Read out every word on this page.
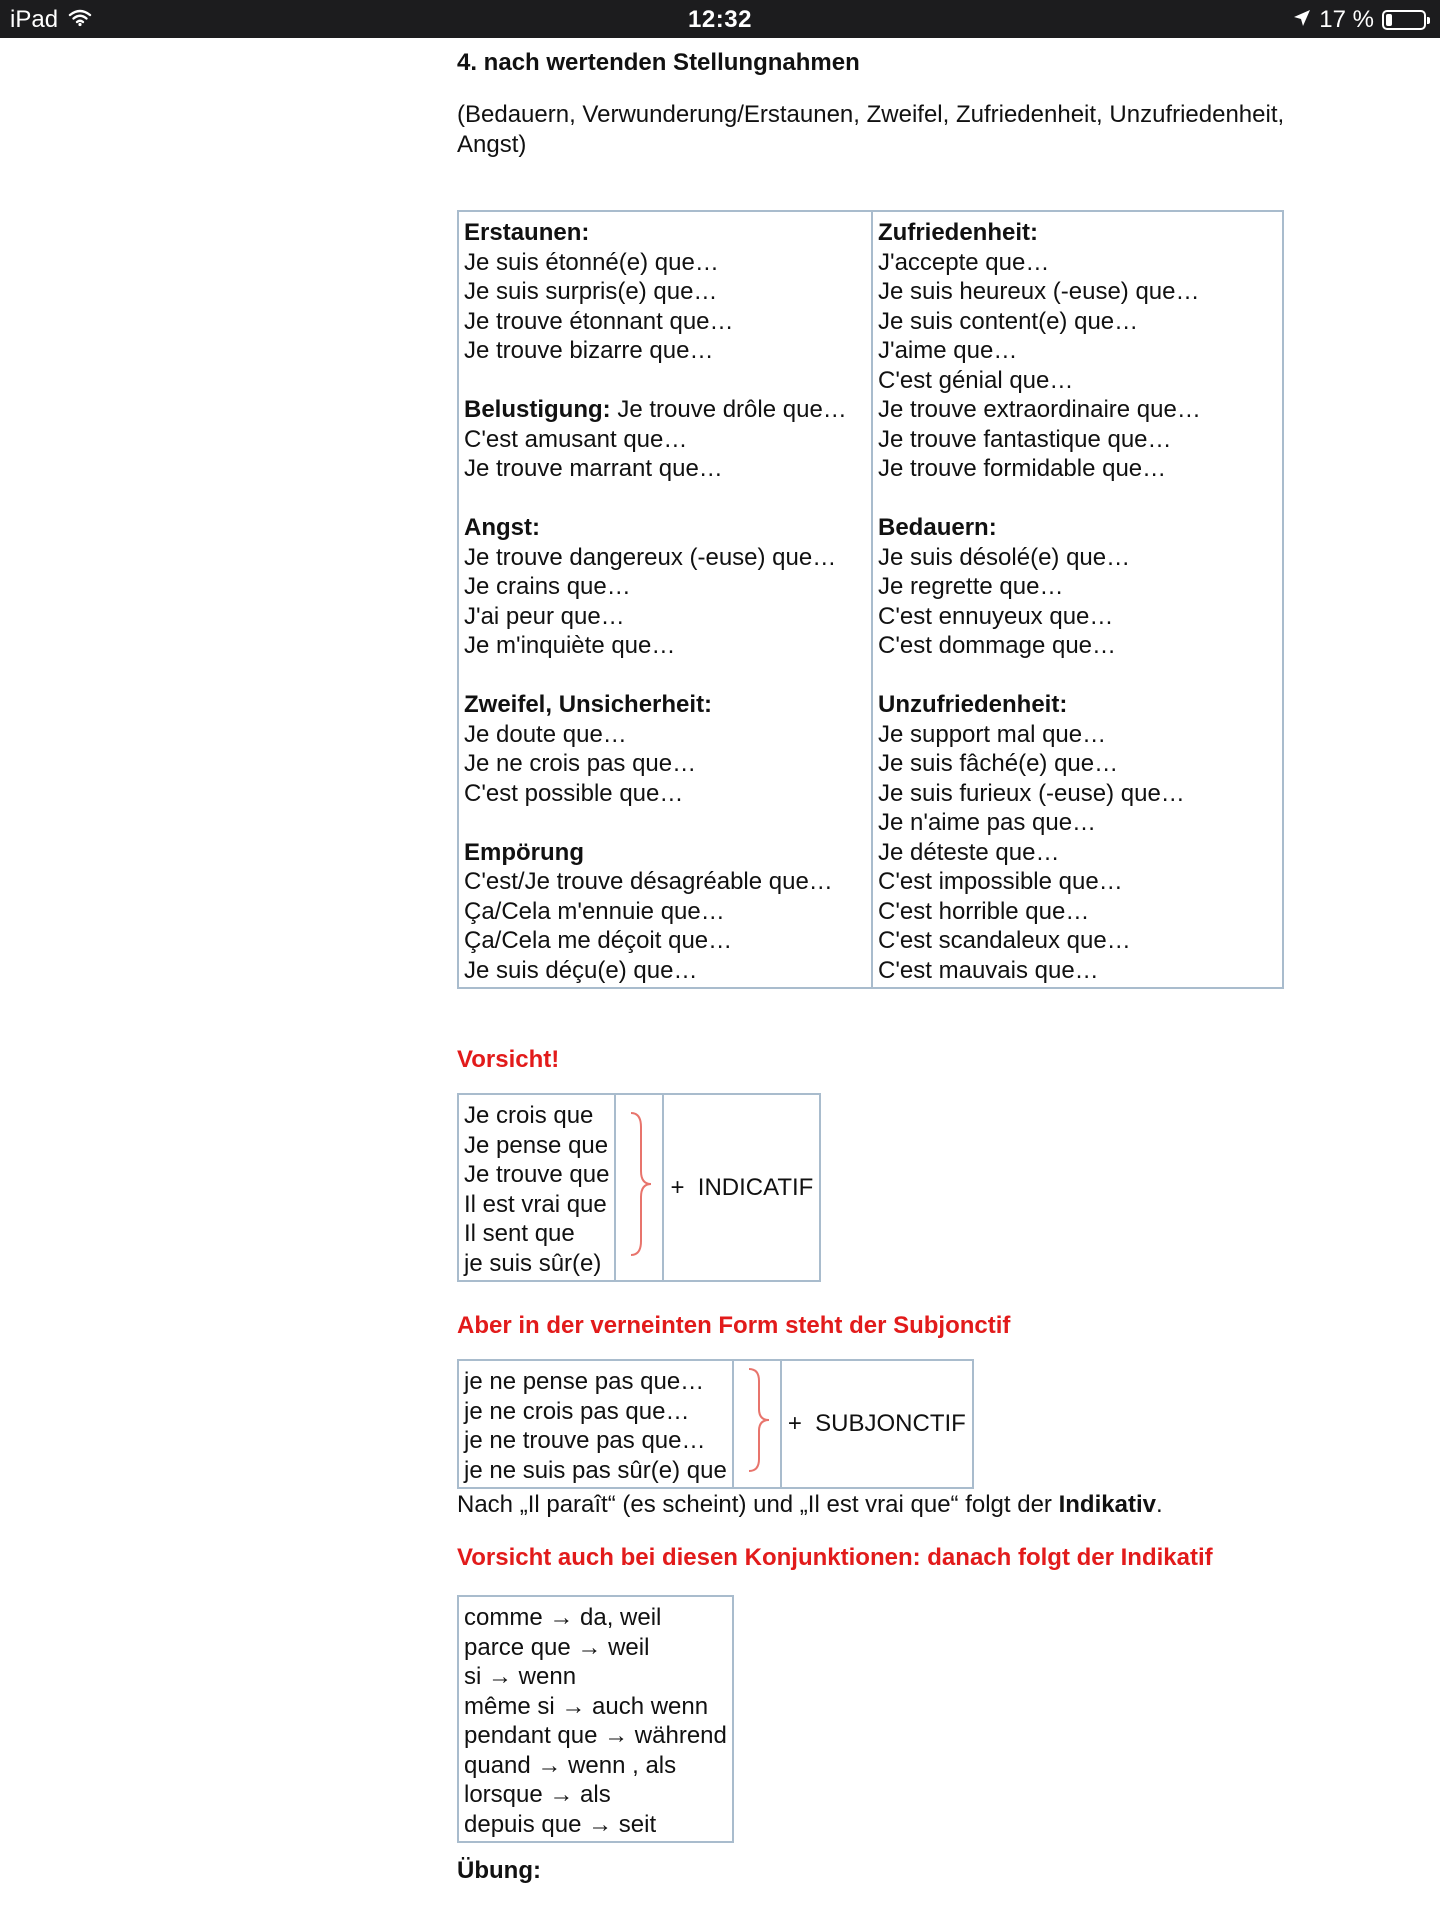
iPad	12:32	17 %
4. nach wertenden Stellungnahmen
(Bedauern, Verwunderung/Erstaunen, Zweifel, Zufriedenheit, Unzufriedenheit, Angst)
Erstaunen:
Je suis étonné(e) que…
Je suis surpris(e) que…
Je trouve étonnant que…
Je trouve bizarre que…
Belustigung: Je trouve drôle que…
C'est amusant que…
Je trouve marrant que…
Angst:
Je trouve dangereux (-euse) que…
Je crains que…
J'ai peur que…
Je m'inquiète que…
Zweifel, Unsicherheit:
Je doute que…
Je ne crois pas que…
C'est possible que…
Empörung
C'est/Je trouve désagréable que…
Ça/Cela m'ennuie que…
Ça/Cela me déçoit que…
Je suis déçu(e) que…

Zufriedenheit:
J'accepte que…
Je suis heureux (-euse) que…
Je suis content(e) que…
J'aime que…
C'est génial que…
Je trouve extraordinaire que…
Je trouve fantastique que…
Je trouve formidable que…
Bedauern:
Je suis désolé(e) que…
Je regrette que…
C'est ennuyeux que…
C'est dommage que…
Unzufriedenheit:
Je support mal que…
Je suis fâché(e) que…
Je suis furieux (-euse) que…
Je n'aime pas que…
Je déteste que…
C'est impossible que…
C'est horrible que…
C'est scandaleux que…
C'est mauvais que…
Vorsicht!
Je crois que
Je pense que
Je trouve que
Il est vrai que
Il sent que
je suis sûr(e)
		+  INDICATIF
Aber in der verneinten Form steht der Subjonctif
je ne pense pas que…
je ne crois pas que…
je ne trouve pas que…
je ne suis pas sûr(e) que
		+  SUBJONCTIF
Nach „Il paraît“ (es scheint) und „Il est vrai que“ folgt der Indikativ.
Vorsicht auch bei diesen Konjunktionen: danach folgt der Indikatif
comme → da, weil
parce que → weil
si → wenn
même si → auch wenn
pendant que → während
quand → wenn , als
lorsque → als
depuis que → seit
Übung:
